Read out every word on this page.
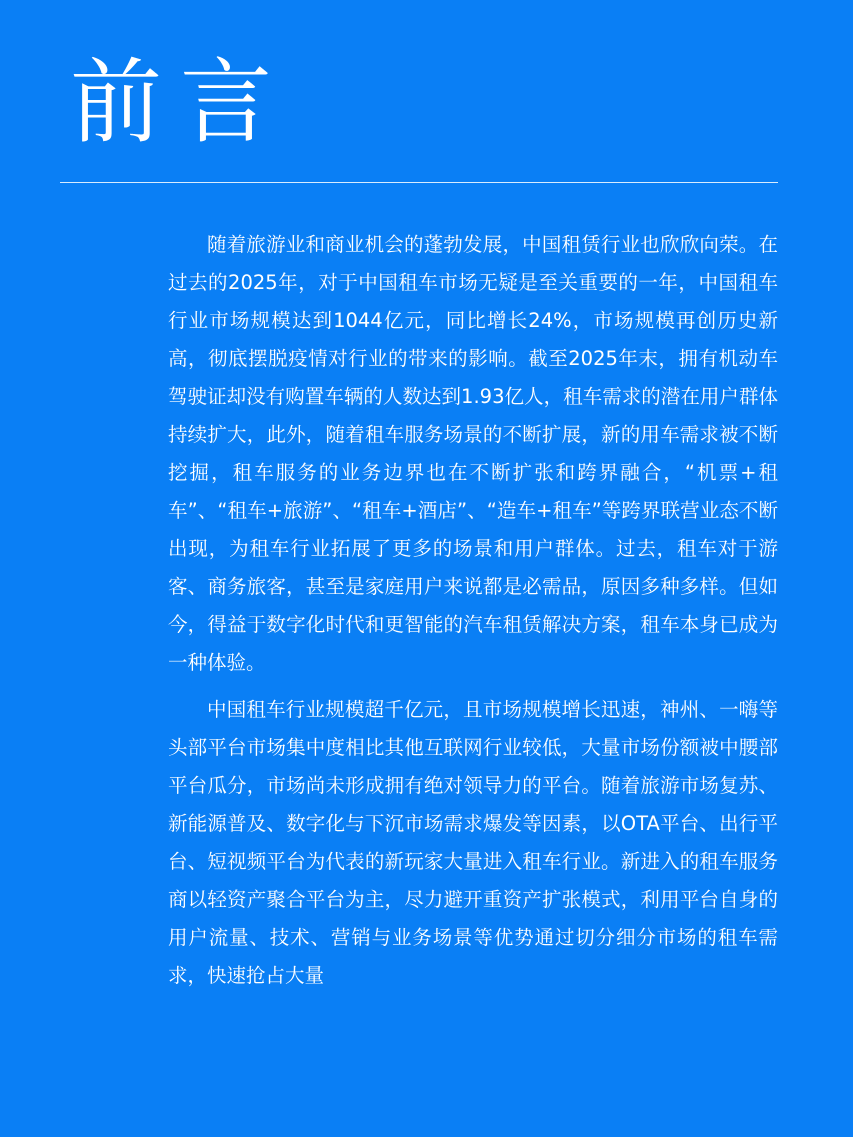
前言

随着旅游业和商业机会的蓬勃发展，中国租赁行业也欣欣向荣。在过去的2025年，对于中国租车市场无疑是至关重要的一年，中国租车行业市场规模达到1044亿元，同比增长24%，市场规模再创历史新高，彻底摆脱疫情对行业的带来的影响。截至2025年末，拥有机动车驾驶证却没有购置车辆的人数达到1.93亿人，租车需求的潜在用户群体持续扩大，此外，随着租车服务场景的不断扩展，新的用车需求被不断挖掘，租车服务的业务边界也在不断扩张和跨界融合，“机票+租车”、“租车+旅游”、“租车+酒店”、“造车+租车”等跨界联营业态不断出现，为租车行业拓展了更多的场景和用户群体。过去，租车对于游客、商务旅客，甚至是家庭用户来说都是必需品，原因多种多样。但如今，得益于数字化时代和更智能的汽车租赁解决方案，租车本身已成为一种体验。

中国租车行业规模超千亿元，且市场规模增长迅速，神州、一嗨等头部平台市场集中度相比其他互联网行业较低，大量市场份额被中腰部平台瓜分，市场尚未形成拥有绝对领导力的平台。随着旅游市场复苏、新能源普及、数字化与下沉市场需求爆发等因素，以OTA平台、出行平台、短视频平台为代表的新玩家大量进入租车行业。新进入的租车服务商以轻资产聚合平台为主，尽力避开重资产扩张模式，利用平台自身的用户流量、技术、营销与业务场景等优势通过切分细分市场的租车需求，快速抢占大量
